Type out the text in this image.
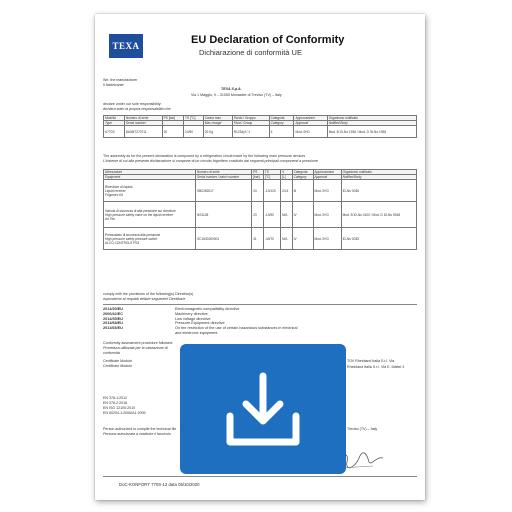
TEXA	EU Declaration of Conformity
Dichiarazione di conformità UE
We, the manufacturer
Il fabbricante
TEXA S.p.A.
Via 1 Maggio, 9 – 31050 Monastier di Treviso (TV) – Italy
declare under our sole responsibility:
dichiara sotto la propria responsabilità che:
Modello	Numero di serie	PS [bar]	TS [°C]	Carica max	Fluido / Gruppo	Categoria	Approvazione	Organismo notificato
Type	Serial number			Max charge	Fluid / Group	Category	Approval	Notified Body
K770S	8A0MT270711	20	10/50	20 Kg	R1234yf / 1	II	Mod. B+D	Mod. B ID-No 1936 / Mod. D ID-No 1936
The assembly as for the present declaration is composed by a refrigeration circuit made by the following main pressure devices
L'insieme di cui alla presente dichiarazione si compone di un circuito frigorifero costituito dai seguenti principali componenti a pressione
Attrezzature	Numero di serie	PS	TS	V	Categoria	Approvazione	Organismo notificato
Equipment	Serial number / batch number	[bar]	[°C]	[L]	Category	Approval	Notified Body

Ricevitore di liquido
Liquid receiver
Frigomec Kit	SB0262017	24	-10/120	24.5	III	Mod. B+D	ID-No 0036

Valvola di sicurezza di alta pressione sul ricevitore
High pressure safety valve on the liquid receiver
Art Tek	NS1128	23	-10/90	N/A	IV	Mod. B+D	Mod. B ID-No 0100 / Mod. D ID-No 0948

Pressostato di sicurezza alta pressione
High pressure safety pressure switch
ALCO CONTROLS PS3	SC1630200001	31	-40/70	N/A	IV	Mod. B+D	ID-No 0035
comply with the provisions of the following(s) Directive(s)
risponde/no ai requisiti della/e seguente/i Direttiva/e
2014/30/EU	Electromagnetic compatibility directive
2006/42/EC	Machinery directive
2014/35/EU	Low voltage directive
2014/68/EU	Pressure Equipment directive
2011/65/EU	On the restriction of the use of certain hazardous substances in electrical
and electronic equipment
Conformity assessment procedure followed:
Procedura utilizzata per la valutazione di
conformità
Certificate Module
Certificato Modulo
TÜV Rheinland Italia S.r.l. Via
Rheinland Italia S.r.l. Via E. Mattei 3
EN 378-1:2012
EN 378-2:2016
EN ISO 12100:2010
EN 60204-1:2006/A1:2009
Person authorized to compile the technical file
Persona autorizzata a costituire il fascicolo
Treviso (TV) – Italy
DoC-KONFORT 770S-12 data 05/10/2020
